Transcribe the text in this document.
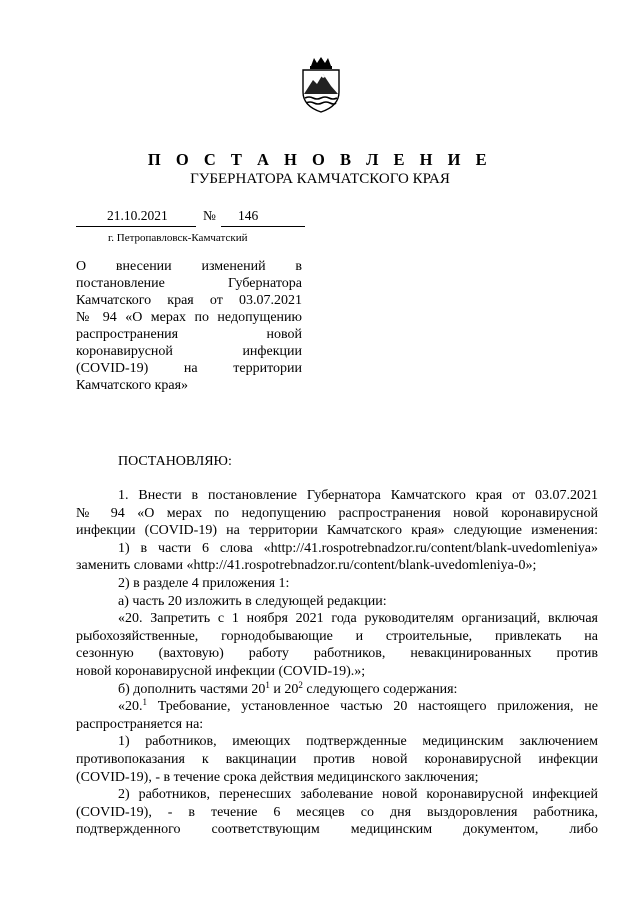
П О С Т А Н О В Л Е Н И Е
ГУБЕРНАТОРА КАМЧАТСКОГО КРАЯ
21.10.2021	№ 146
г. Петропавловск-Камчатский
О внесении изменений в
постановление Губернатора
Камчатского края от 03.07.2021
№ 94 «О мерах по недопущению
распространения новой
коронавирусной инфекции
(COVID-19) на территории
Камчатского края»
ПОСТАНОВЛЯЮ:
1. Внести в постановление Губернатора Камчатского края от 03.07.2021
№ 94 «О мерах по недопущению распространения новой коронавирусной
инфекции (COVID-19) на территории Камчатского края» следующие изменения:
1) в части 6 слова «http://41.rospotrebnadzor.ru/content/blank-uvedomleniya»
заменить словами «http://41.rospotrebnadzor.ru/content/blank-uvedomleniya-0»;
2) в разделе 4 приложения 1:
а) часть 20 изложить в следующей редакции:
«20. Запретить с 1 ноября 2021 года руководителям организаций, включая
рыбохозяйственные, горнодобывающие и строительные, привлекать на
сезонную (вахтовую) работу работников, невакцинированных против
новой коронавирусной инфекции (COVID-19).»;
б) дополнить частями $20^1$ и $20^2$ следующего содержания:
«20.$^1$ Требование, установленное частью 20 настоящего приложения, не
распространяется на:
1) работников, имеющих подтвержденные медицинским заключением
противопоказания к вакцинации против новой коронавирусной инфекции
(COVID-19), - в течение срока действия медицинского заключения;
2) работников, перенесших заболевание новой коронавирусной инфекцией
(COVID-19), - в течение 6 месяцев со дня выздоровления работника,
подтвержденного соответствующим медицинским документом, либо
